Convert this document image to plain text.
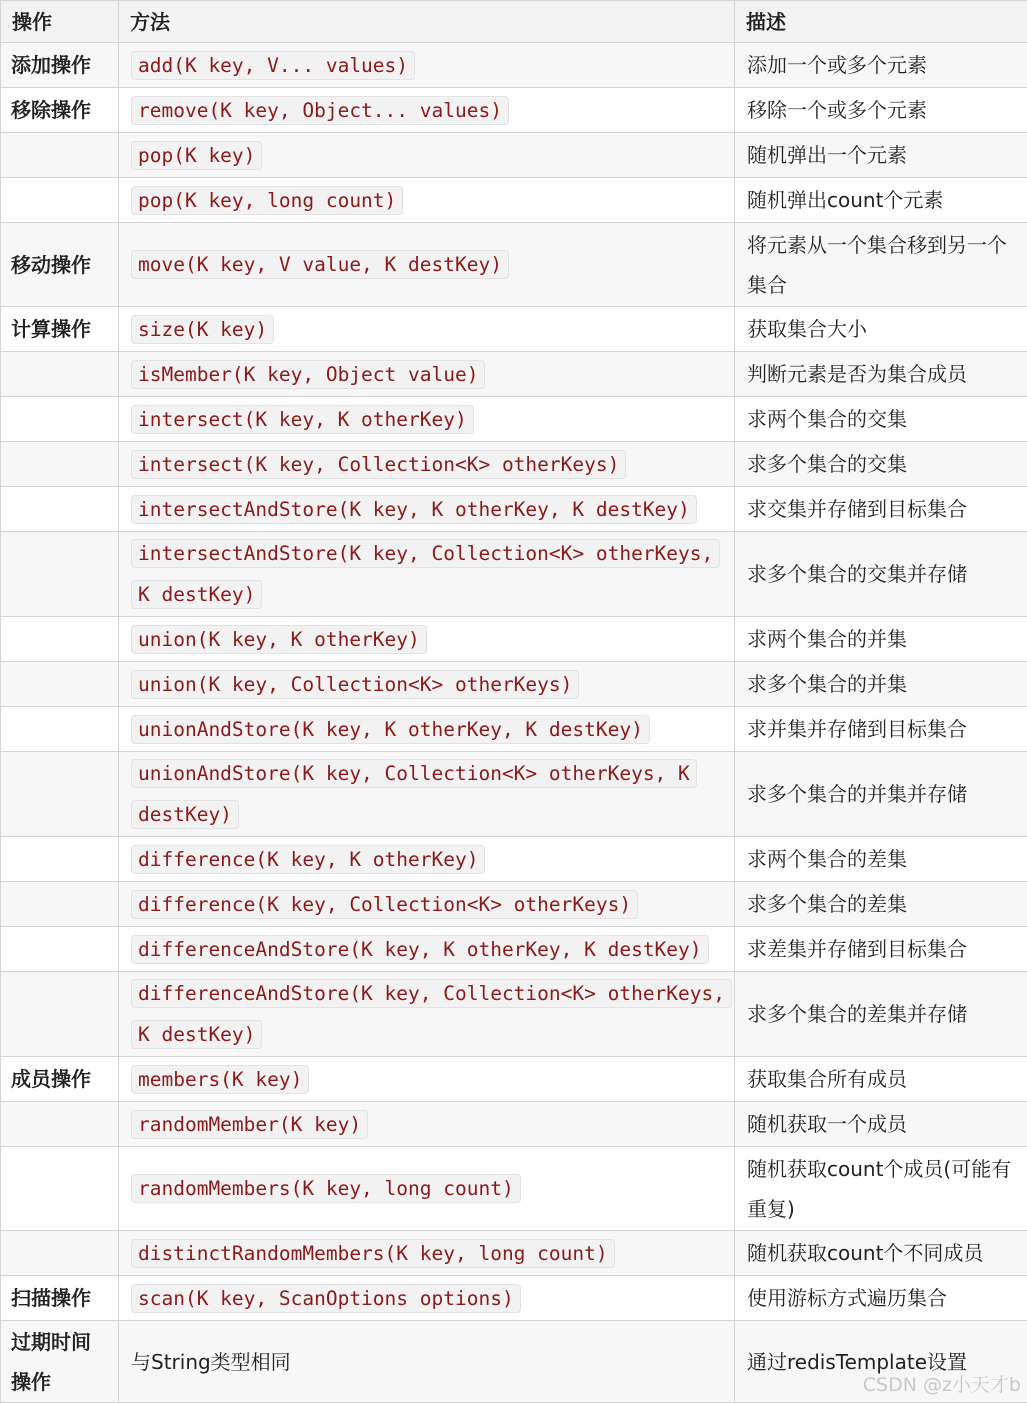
操作	方法	描述
添加操作	add(K key, V... values)	添加一个或多个元素
移除操作	remove(K key, Object... values)	移除一个或多个元素
	pop(K key)	随机弹出一个元素
	pop(K key, long count)	随机弹出count个元素
移动操作	move(K key, V value, K destKey)	将元素从一个集合移到另一个集合
计算操作	size(K key)	获取集合大小
	isMember(K key, Object value)	判断元素是否为集合成员
	intersect(K key, K otherKey)	求两个集合的交集
	intersect(K key, Collection<K> otherKeys)	求多个集合的交集
	intersectAndStore(K key, K otherKey, K destKey)	求交集并存储到目标集合
	intersectAndStore(K key, Collection<K> otherKeys, K destKey)	求多个集合的交集并存储
	union(K key, K otherKey)	求两个集合的并集
	union(K key, Collection<K> otherKeys)	求多个集合的并集
	unionAndStore(K key, K otherKey, K destKey)	求并集并存储到目标集合
	unionAndStore(K key, Collection<K> otherKeys, K destKey)	求多个集合的并集并存储
	difference(K key, K otherKey)	求两个集合的差集
	difference(K key, Collection<K> otherKeys)	求多个集合的差集
	differenceAndStore(K key, K otherKey, K destKey)	求差集并存储到目标集合
	differenceAndStore(K key, Collection<K> otherKeys, K destKey)	求多个集合的差集并存储
成员操作	members(K key)	获取集合所有成员
	randomMember(K key)	随机获取一个成员
	randomMembers(K key, long count)	随机获取count个成员(可能有重复)
	distinctRandomMembers(K key, long count)	随机获取count个不同成员
扫描操作	scan(K key, ScanOptions options)	使用游标方式遍历集合
过期时间操作	与String类型相同	通过redisTemplate设置
CSDN @z小天才b
